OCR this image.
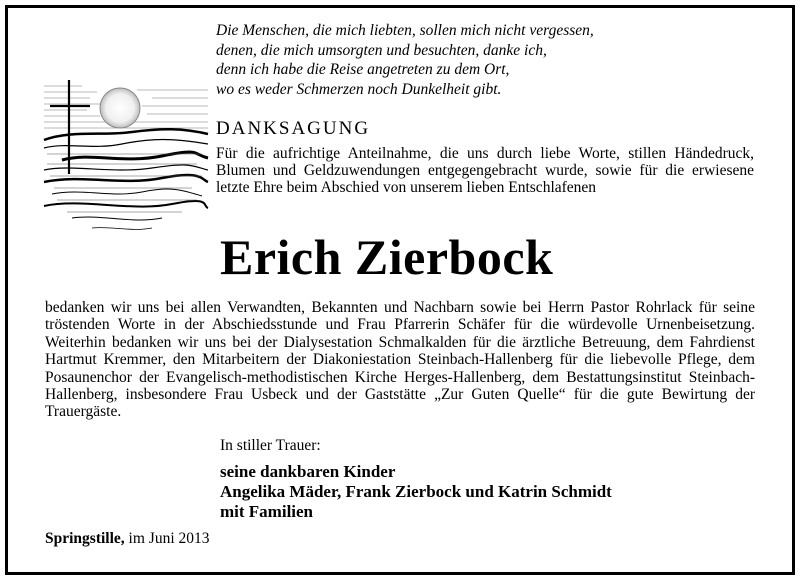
Die Menschen, die mich liebten, sollen mich nicht vergessen,
denen, die mich umsorgten und besuchten, danke ich,
denn ich habe die Reise angetreten zu dem Ort,
wo es weder Schmerzen noch Dunkelheit gibt.
DANKSAGUNG
Für die aufrichtige Anteilnahme, die uns durch liebe Worte, stillen Händedruck, Blumen und Geldzuwendungen entgegengebracht wurde, sowie für die erwiesene letzte Ehre beim Abschied von unserem lieben Entschlafenen
Erich Zierbock
bedanken wir uns bei allen Verwandten, Bekannten und Nachbarn sowie bei Herrn Pastor Rohrlack für seine tröstenden Worte in der Abschiedsstunde und Frau Pfarrerin Schäfer für die würdevolle Urnenbeisetzung. Weiterhin bedanken wir uns bei der Dialysestation Schmalkalden für die ärztliche Betreuung, dem Fahrdienst Hartmut Kremmer, den Mitarbeitern der Diakoniestation Steinbach-Hallenberg für die liebevolle Pflege, dem Posaunenchor der Evangelisch-methodistischen Kirche Herges-Hallenberg, dem Bestattungsinstitut Steinbach-Hallenberg, insbesondere Frau Usbeck und der Gaststätte „Zur Guten Quelle“ für die gute Bewirtung der Trauergäste.
In stiller Trauer:
seine dankbaren Kinder
Angelika Mäder, Frank Zierbock und Katrin Schmidt
mit Familien
Springstille, im Juni 2013
